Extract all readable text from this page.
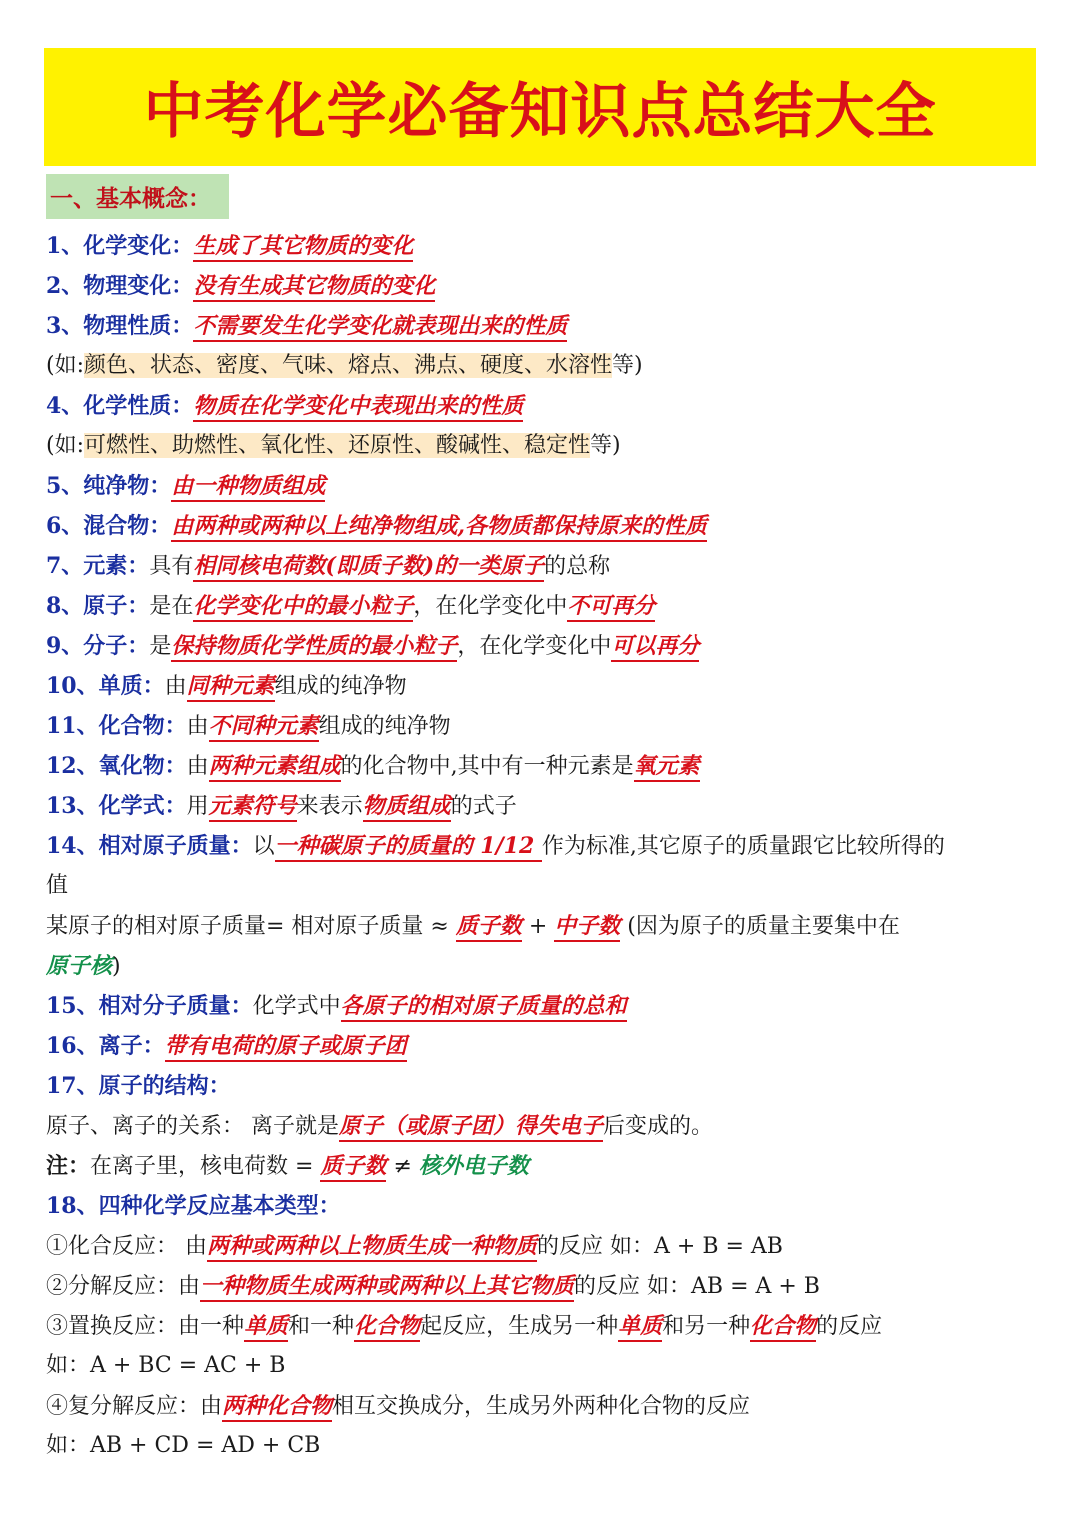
中考化学必备知识点总结大全
一、基本概念：
1、化学变化：生成了其它物质的变化
2、物理变化：没有生成其它物质的变化
3、物理性质：不需要发生化学变化就表现出来的性质
(如:颜色、状态、密度、气味、熔点、沸点、硬度、水溶性等)
4、化学性质：物质在化学变化中表现出来的性质
(如:可燃性、助燃性、氧化性、还原性、酸碱性、稳定性等)
5、纯净物：由一种物质组成
6、混合物：由两种或两种以上纯净物组成,各物质都保持原来的性质
7、元素：具有相同核电荷数(即质子数)的一类原子的总称
8、原子：是在化学变化中的最小粒子，在化学变化中不可再分
9、分子：是保持物质化学性质的最小粒子，在化学变化中可以再分
10、单质：由同种元素组成的纯净物
11、化合物：由不同种元素组成的纯净物
12、氧化物：由两种元素组成的化合物中,其中有一种元素是氧元素
13、化学式：用元素符号来表示物质组成的式子
14、相对原子质量：以一种碳原子的质量的 1/12 作为标准,其它原子的质量跟它比较所得的
值
某原子的相对原子质量= 相对原子质量 ≈ 质子数 + 中子数 (因为原子的质量主要集中在
原子核)
15、相对分子质量：化学式中各原子的相对原子质量的总和
16、离子：带有电荷的原子或原子团
17、原子的结构：
原子、离子的关系： 离子就是原子（或原子团）得失电子后变成的。
注：在离子里，核电荷数 = 质子数 ≠ 核外电子数
18、四种化学反应基本类型：
①化合反应： 由两种或两种以上物质生成一种物质的反应 如：A + B = AB
②分解反应：由一种物质生成两种或两种以上其它物质的反应 如：AB = A + B
③置换反应：由一种单质和一种化合物起反应，生成另一种单质和另一种化合物的反应
如：A + BC = AC + B
④复分解反应：由两种化合物相互交换成分，生成另外两种化合物的反应
如：AB + CD = AD + CB
